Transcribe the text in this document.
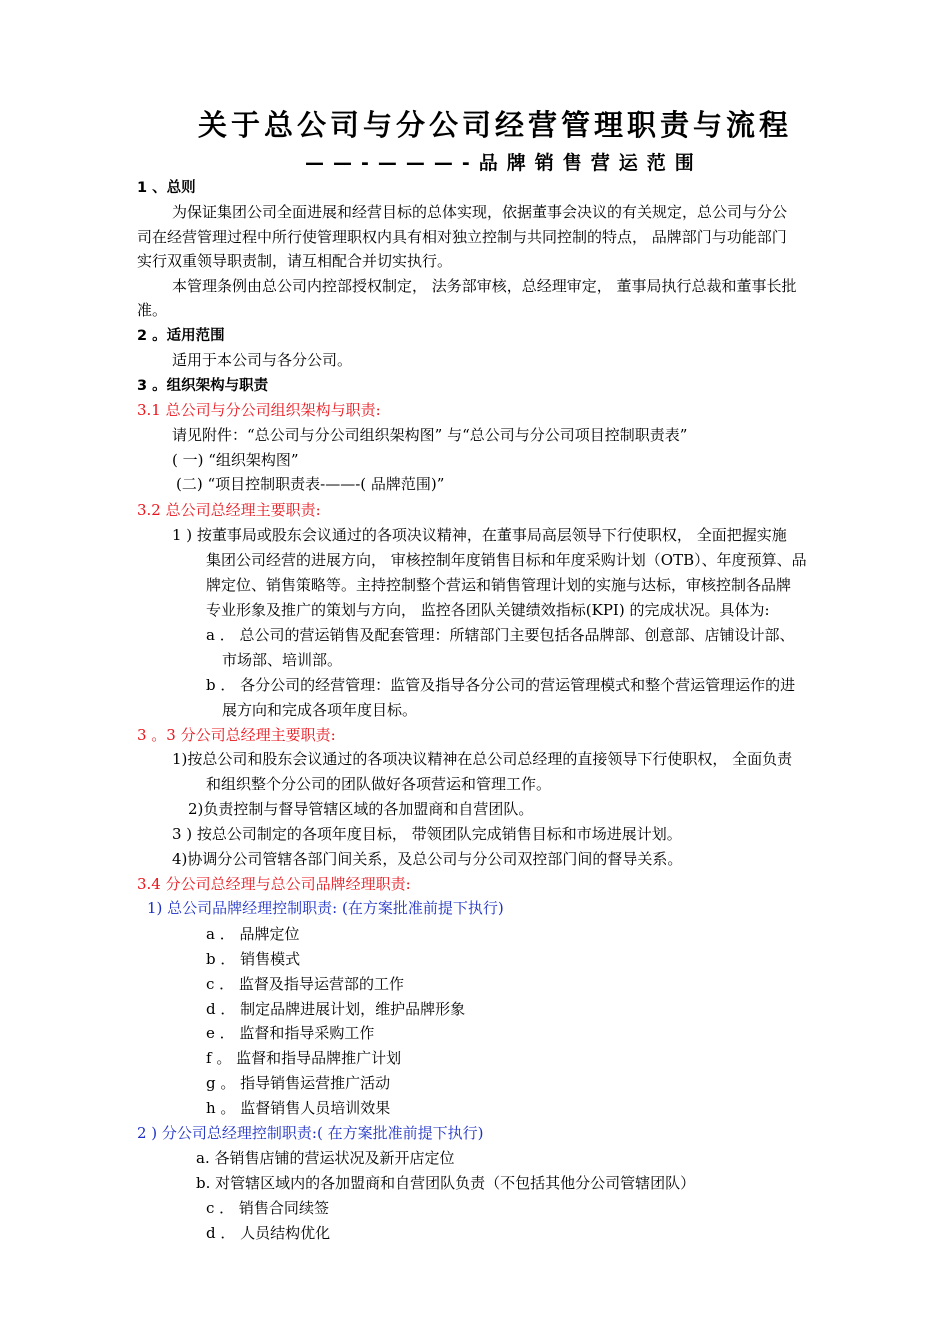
关于总公司与分公司经营管理职责与流程
——-———-品牌销售营运范围
1 、总则
为保证集团公司全面进展和经营目标的总体实现，依据董事会决议的有关规定，总公司与分公
司在经营管理过程中所行使管理职权内具有相对独立控制与共同控制的特点， 品牌部门与功能部门
实行双重领导职责制，请互相配合并切实执行。
本管理条例由总公司内控部授权制定， 法务部审核，总经理审定， 董事局执行总裁和董事长批
准。
2 。适用范围
适用于本公司与各分公司。
3 。组织架构与职责
3.1 总公司与分公司组织架构与职责:
请见附件：“总公司与分公司组织架构图” 与“总公司与分公司项目控制职责表”
( 一) “组织架构图”
(二) “项目控制职责表-——-( 品牌范围)”
3.2 总公司总经理主要职责:
1 ) 按董事局或股东会议通过的各项决议精神，在董事局高层领导下行使职权， 全面把握实施
集团公司经营的进展方向， 审核控制年度销售目标和年度采购计划（OTB）、年度预算、品
牌定位、销售策略等。主持控制整个营运和销售管理计划的实施与达标，审核控制各品牌
专业形象及推广的策划与方向， 监控各团队关键绩效指标(KPI) 的完成状况。具体为:
a ． 总公司的营运销售及配套管理：所辖部门主要包括各品牌部、创意部、店铺设计部、
市场部、培训部。
b ． 各分公司的经营管理：监管及指导各分公司的营运管理模式和整个营运管理运作的进
展方向和完成各项年度目标。
3 。3 分公司总经理主要职责:
1)按总公司和股东会议通过的各项决议精神在总公司总经理的直接领导下行使职权， 全面负责
和组织整个分公司的团队做好各项营运和管理工作。
2)负责控制与督导管辖区域的各加盟商和自营团队。
3 ) 按总公司制定的各项年度目标， 带领团队完成销售目标和市场进展计划。
4)协调分公司管辖各部门间关系，及总公司与分公司双控部门间的督导关系。
3.4 分公司总经理与总公司品牌经理职责:
1) 总公司品牌经理控制职责: (在方案批准前提下执行)
a ． 品牌定位
b ． 销售模式
c ． 监督及指导运营部的工作
d ． 制定品牌进展计划，维护品牌形象
e ． 监督和指导采购工作
f 。 监督和指导品牌推广计划
g 。 指导销售运营推广活动
h 。 监督销售人员培训效果
2 ) 分公司总经理控制职责:( 在方案批准前提下执行)
a. 各销售店铺的营运状况及新开店定位
b. 对管辖区域内的各加盟商和自营团队负责（不包括其他分公司管辖团队）
c ． 销售合同续签
d ． 人员结构优化
